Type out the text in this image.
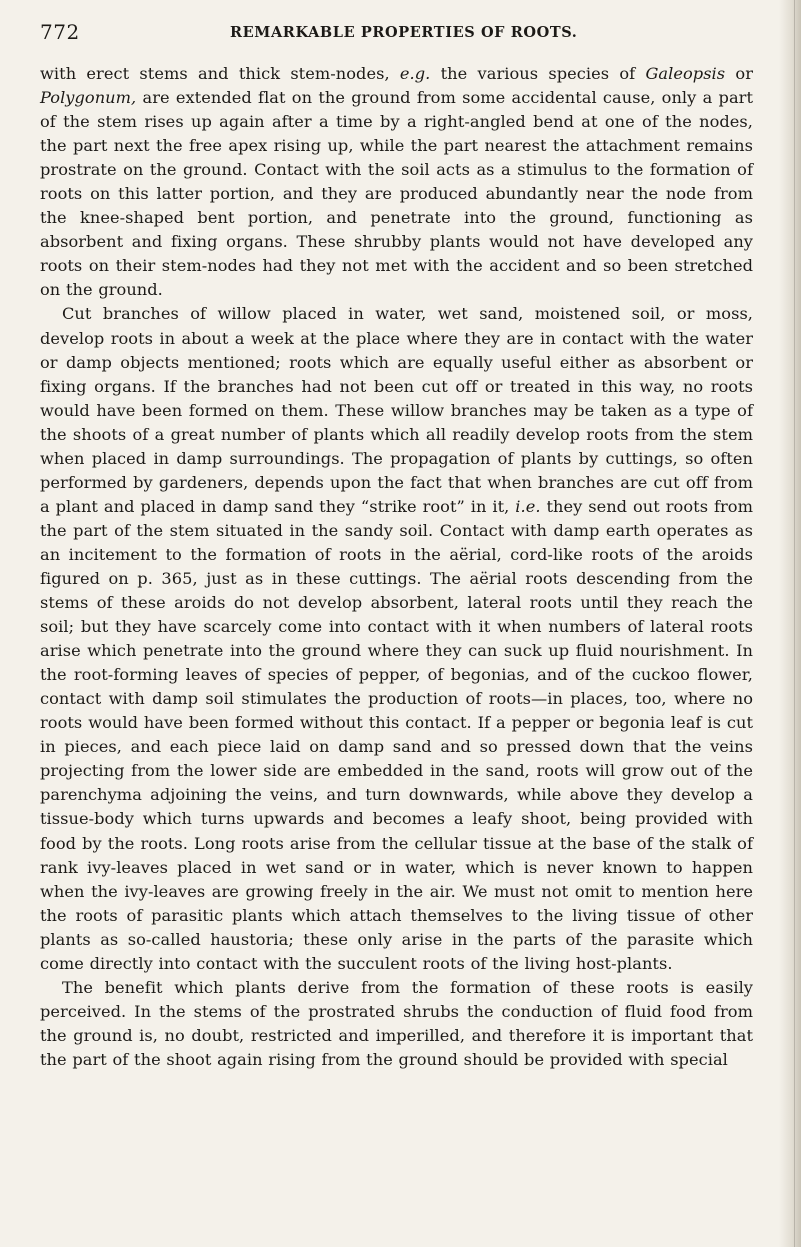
772	REMARKABLE PROPERTIES OF ROOTS.

with erect stems and thick stem-nodes, e.g. the various species of Galeopsis or Polygonum, are extended flat on the ground from some accidental cause, only a part of the stem rises up again after a time by a right-angled bend at one of the nodes, the part next the free apex rising up, while the part nearest the attachment remains prostrate on the ground. Contact with the soil acts as a stimulus to the formation of roots on this latter portion, and they are produced abundantly near the node from the knee-shaped bent portion, and penetrate into the ground, functioning as absorbent and fixing organs. These shrubby plants would not have developed any roots on their stem-nodes had they not met with the accident and so been stretched on the ground.

Cut branches of willow placed in water, wet sand, moistened soil, or moss, develop roots in about a week at the place where they are in contact with the water or damp objects mentioned; roots which are equally useful either as absorbent or fixing organs. If the branches had not been cut off or treated in this way, no roots would have been formed on them. These willow branches may be taken as a type of the shoots of a great number of plants which all readily develop roots from the stem when placed in damp surroundings. The propagation of plants by cuttings, so often performed by gardeners, depends upon the fact that when branches are cut off from a plant and placed in damp sand they “strike root” in it, i.e. they send out roots from the part of the stem situated in the sandy soil. Contact with damp earth operates as an incitement to the formation of roots in the aërial, cord-like roots of the aroids figured on p. 365, just as in these cuttings. The aërial roots descending from the stems of these aroids do not develop absorbent, lateral roots until they reach the soil; but they have scarcely come into contact with it when numbers of lateral roots arise which penetrate into the ground where they can suck up fluid nourishment. In the root-forming leaves of species of pepper, of begonias, and of the cuckoo flower, contact with damp soil stimulates the production of roots—in places, too, where no roots would have been formed without this contact. If a pepper or begonia leaf is cut in pieces, and each piece laid on damp sand and so pressed down that the veins projecting from the lower side are embedded in the sand, roots will grow out of the parenchyma adjoining the veins, and turn downwards, while above they develop a tissue-body which turns upwards and becomes a leafy shoot, being provided with food by the roots. Long roots arise from the cellular tissue at the base of the stalk of rank ivy-leaves placed in wet sand or in water, which is never known to happen when the ivy-leaves are growing freely in the air. We must not omit to mention here the roots of parasitic plants which attach themselves to the living tissue of other plants as so-called haustoria; these only arise in the parts of the parasite which come directly into contact with the succulent roots of the living host-plants.

The benefit which plants derive from the formation of these roots is easily perceived. In the stems of the prostrated shrubs the conduction of fluid food from the ground is, no doubt, restricted and imperilled, and therefore it is important that the part of the shoot again rising from the ground should be provided with special
